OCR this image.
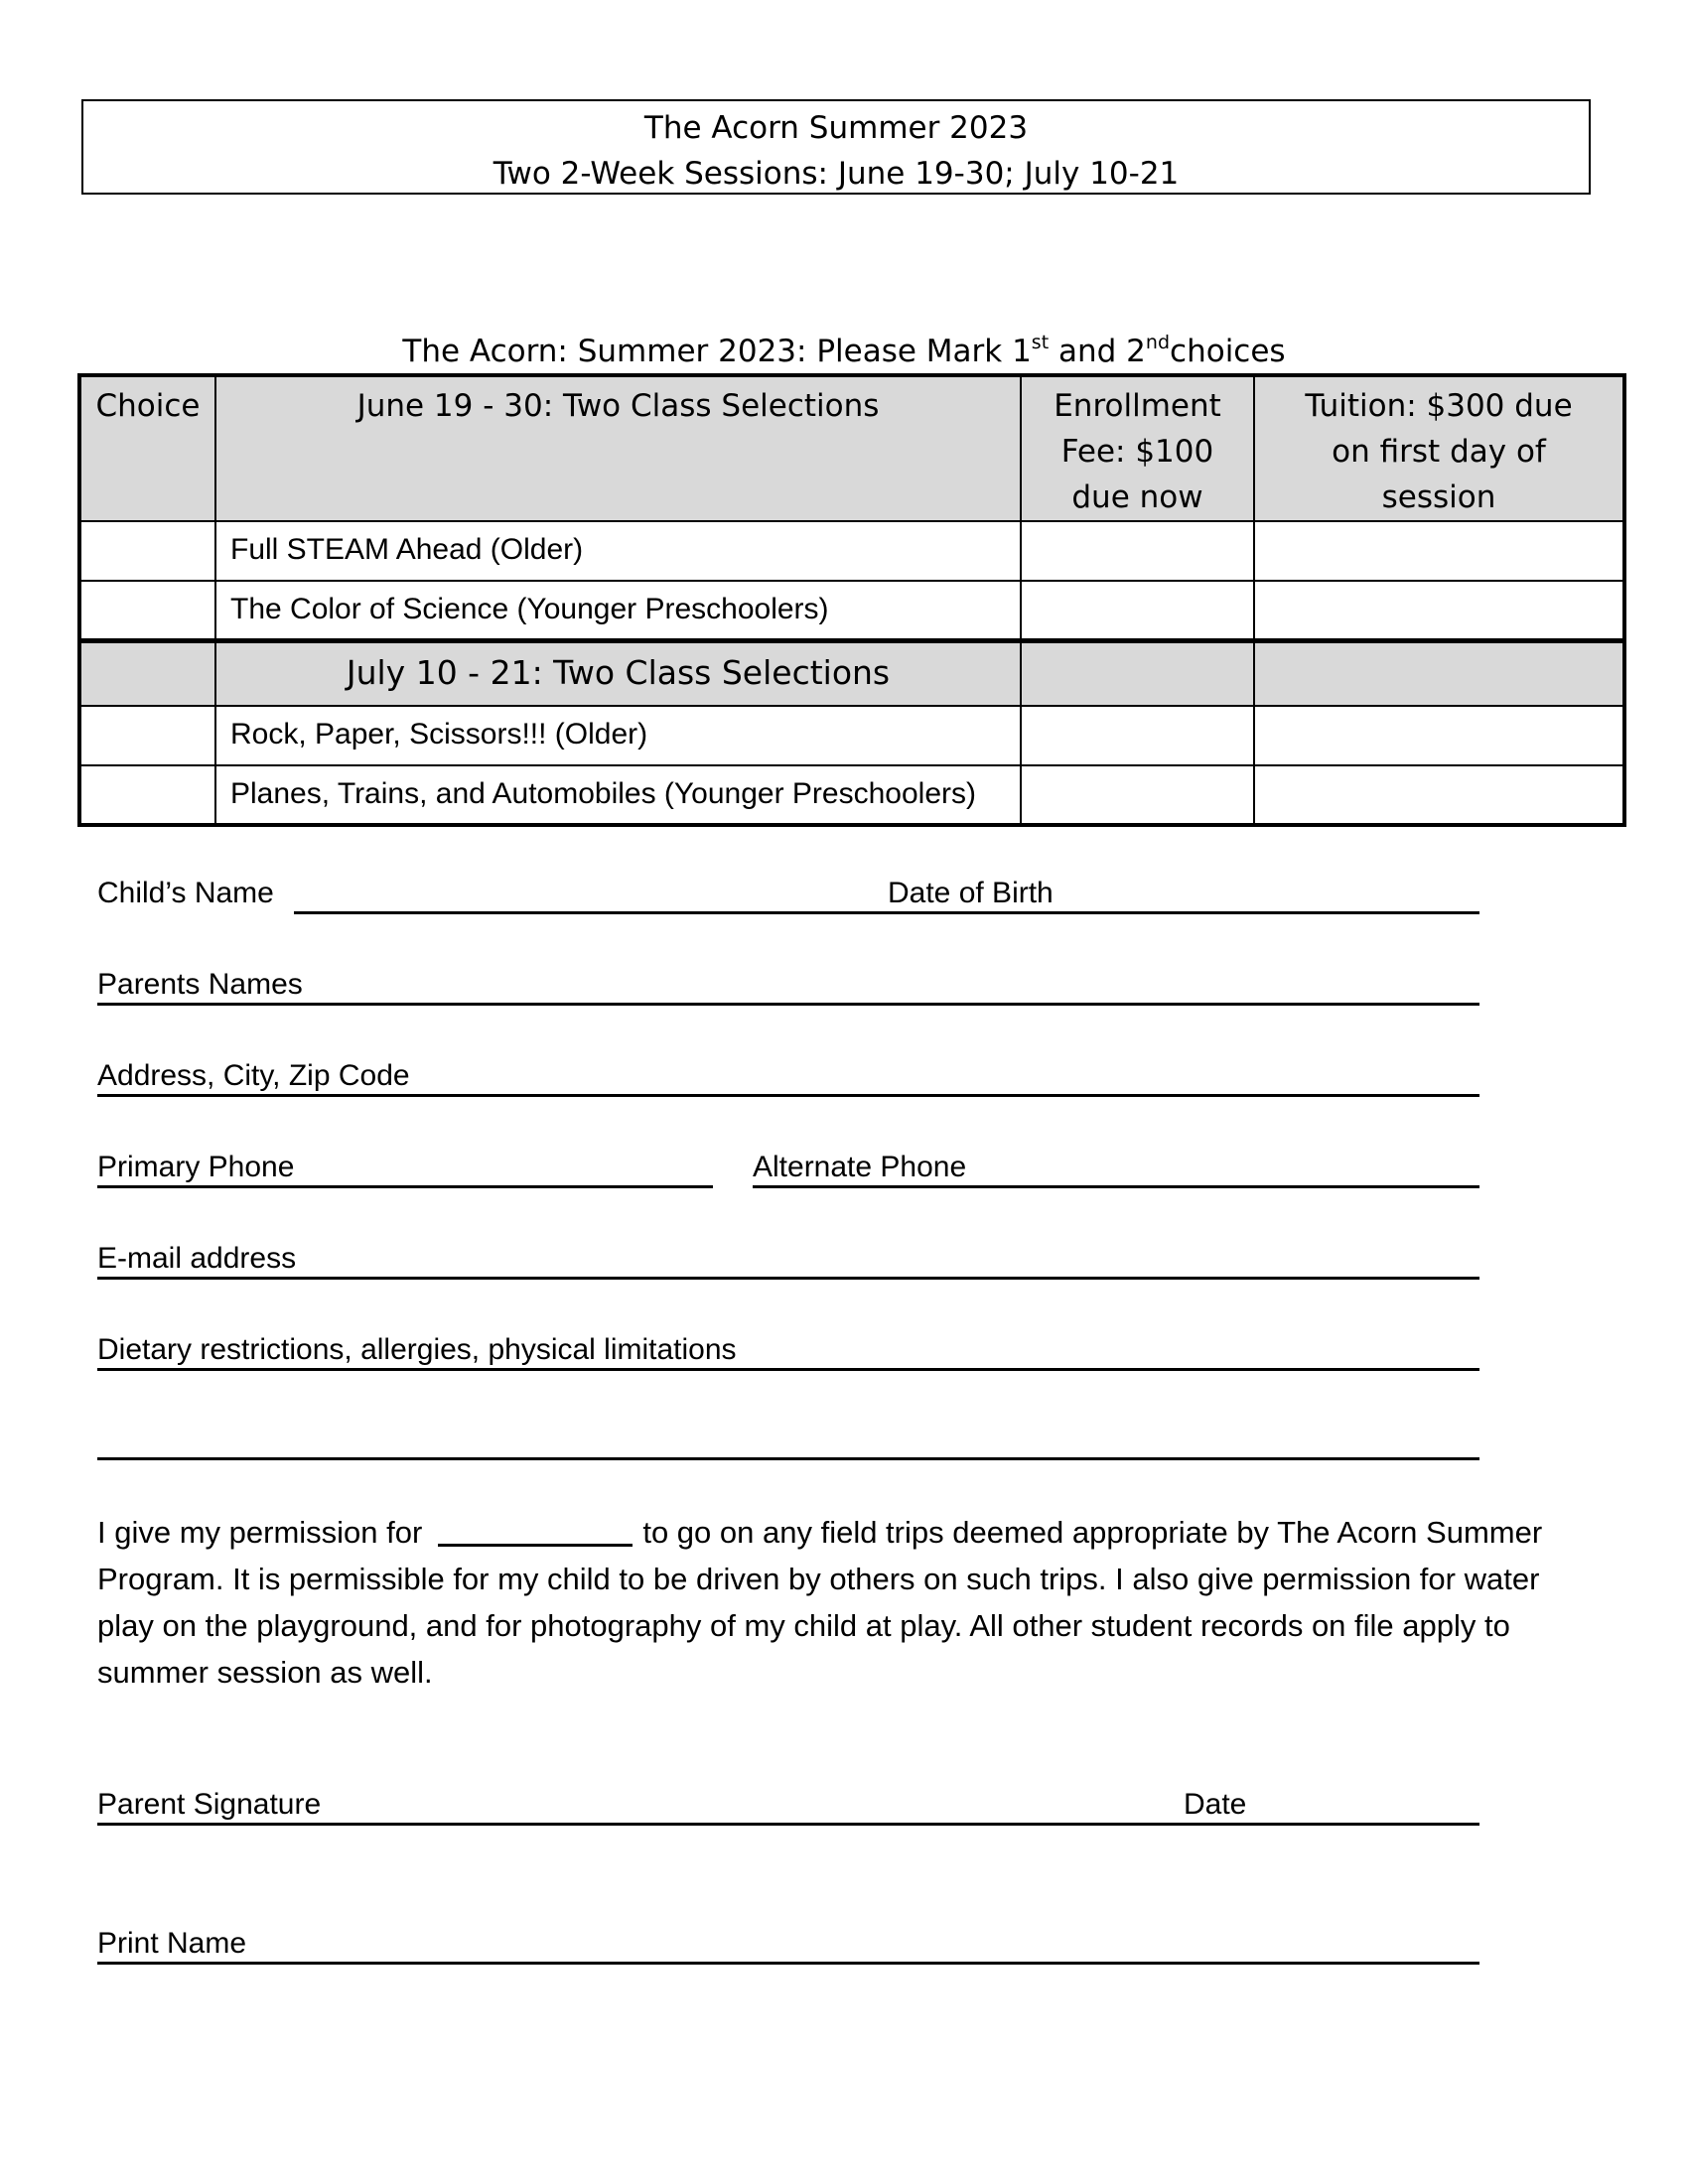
The Acorn Summer 2023
Two 2-Week Sessions: June 19-30; July 10-21
The Acorn: Summer 2023: Please Mark 1st and 2ndchoices
Choice	June 19 - 30: Two Class Selections	Enrollment Fee: $100 due now	Tuition: $300 due on first day of session

	Full STEAM Ahead (Older)		

	The Color of Science (Younger Preschoolers)		

	July 10 - 21: Two Class Selections		

	Rock, Paper, Scissors!!! (Older)		

	Planes, Trains, and Automobiles (Younger Preschoolers)		

Child’s Name	Date of Birth
Parents Names
Address, City, Zip Code
Primary Phone	Alternate Phone
E-mail address
Dietary restrictions, allergies, physical limitations
I give my permission for	to go on any field trips deemed appropriate by The Acorn Summer Program. It is permissible for my child to be driven by others on such trips. I also give permission for water play on the playground, and for photography of my child at play. All other student records on file apply to summer session as well.
Parent Signature	Date
Print Name
